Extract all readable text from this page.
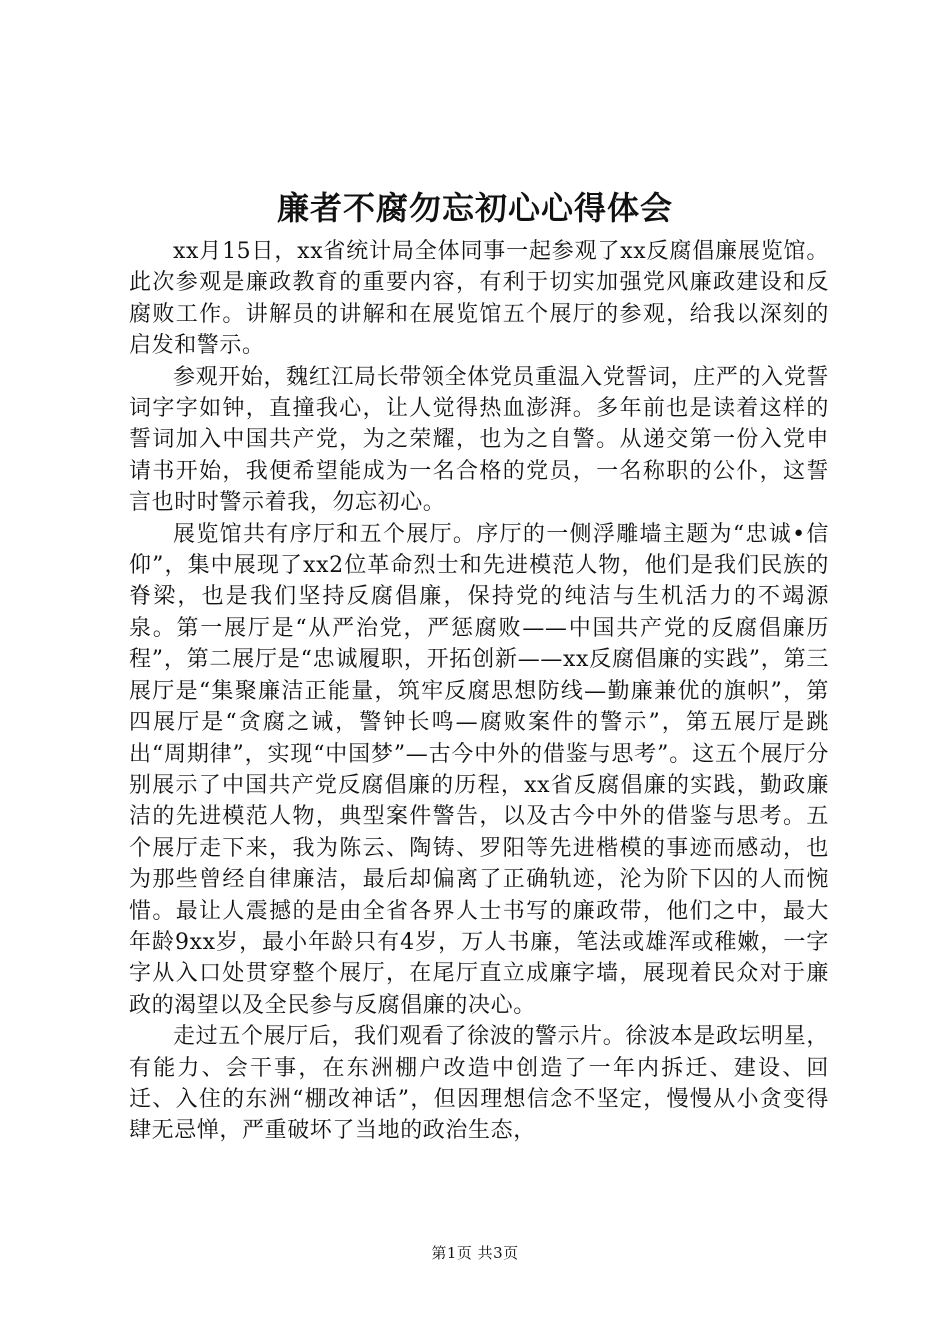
廉者不腐勿忘初心心得体会

xx月15日，xx省统计局全体同事一起参观了xx反腐倡廉展览馆。此次参观是廉政教育的重要内容，有利于切实加强党风廉政建设和反腐败工作。讲解员的讲解和在展览馆五个展厅的参观，给我以深刻的启发和警示。

参观开始，魏红江局长带领全体党员重温入党誓词，庄严的入党誓词字字如钟，直撞我心，让人觉得热血澎湃。多年前也是读着这样的誓词加入中国共产党，为之荣耀，也为之自警。从递交第一份入党申请书开始，我便希望能成为一名合格的党员，一名称职的公仆，这誓言也时时警示着我，勿忘初心。

展览馆共有序厅和五个展厅。序厅的一侧浮雕墙主题为“忠诚•信仰”，集中展现了xx2位革命烈士和先进模范人物，他们是我们民族的脊梁，也是我们坚持反腐倡廉，保持党的纯洁与生机活力的不竭源泉。第一展厅是“从严治党，严惩腐败——中国共产党的反腐倡廉历程”，第二展厅是“忠诚履职，开拓创新——xx反腐倡廉的实践”，第三展厅是“集聚廉洁正能量，筑牢反腐思想防线—勤廉兼优的旗帜”，第四展厅是“贪腐之诫，警钟长鸣—腐败案件的警示”，第五展厅是跳出“周期律”，实现“中国梦”—古今中外的借鉴与思考”。这五个展厅分别展示了中国共产党反腐倡廉的历程，xx省反腐倡廉的实践，勤政廉洁的先进模范人物，典型案件警告，以及古今中外的借鉴与思考。五个展厅走下来，我为陈云、陶铸、罗阳等先进楷模的事迹而感动，也为那些曾经自律廉洁，最后却偏离了正确轨迹，沦为阶下囚的人而惋惜。最让人震撼的是由全省各界人士书写的廉政带，他们之中，最大年龄9xx岁，最小年龄只有4岁，万人书廉，笔法或雄浑或稚嫩，一字字从入口处贯穿整个展厅，在尾厅直立成廉字墙，展现着民众对于廉政的渴望以及全民参与反腐倡廉的决心。

走过五个展厅后，我们观看了徐波的警示片。徐波本是政坛明星，有能力、会干事，在东洲棚户改造中创造了一年内拆迁、建设、回迁、入住的东洲“棚改神话”，但因理想信念不坚定，慢慢从小贪变得肆无忌惮，严重破坏了当地的政治生态，

第1页 共3页
